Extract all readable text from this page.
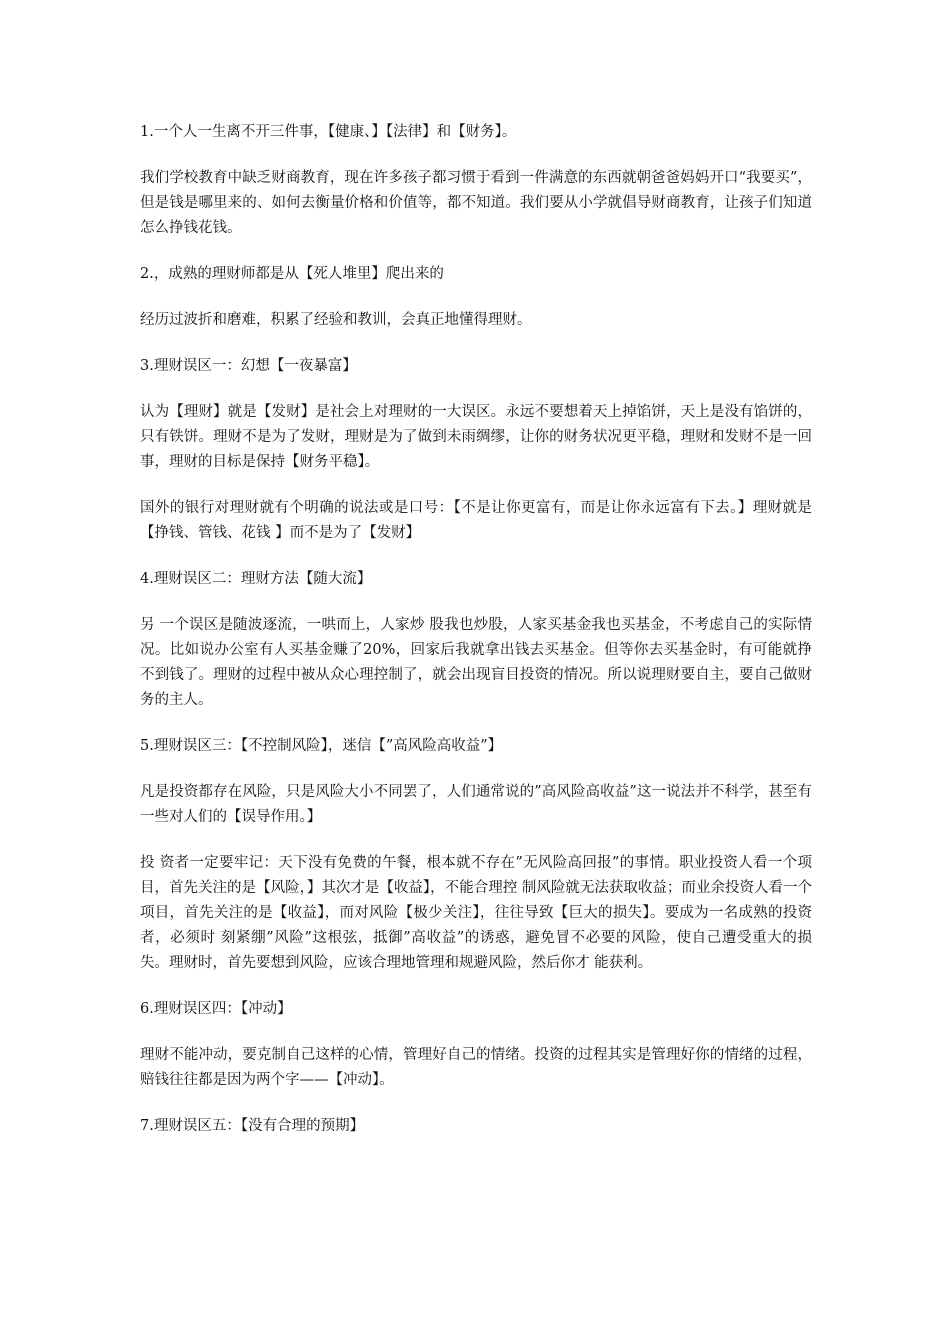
1.一个人一生离不开三件事，【健康、】【法律】和【财务】。

我们学校教育中缺乏财商教育，现在许多孩子都习惯于看到一件满意的东西就朝爸爸妈妈开口“我要买”，但是钱是哪里来的、如何去衡量价格和价值等，都不知道。我们要从小学就倡导财商教育，让孩子们知道怎么挣钱花钱。

2.，成熟的理财师都是从【死人堆里】爬出来的

经历过波折和磨难，积累了经验和教训，会真正地懂得理财。

3.理财误区一：幻想【一夜暴富】

认为【理财】就是【发财】是社会上对理财的一大误区。永远不要想着天上掉馅饼，天上是没有馅饼的，只有铁饼。理财不是为了发财，理财是为了做到未雨绸缪，让你的财务状况更平稳，理财和发财不是一回事，理财的目标是保持【财务平稳】。

国外的银行对理财就有个明确的说法或是口号：【不是让你更富有，而是让你永远富有下去。】理财就是【挣钱、管钱、花钱 】而不是为了【发财】

4.理财误区二：理财方法【随大流】

另 一个误区是随波逐流，一哄而上，人家炒 股我也炒股，人家买基金我也买基金，不考虑自己的实际情况。比如说办公室有人买基金赚了20%，回家后我就拿出钱去买基金。但等你去买基金时，有可能就挣 不到钱了。理财的过程中被从众心理控制了，就会出现盲目投资的情况。所以说理财要自主，要自己做财务的主人。

5.理财误区三：【不控制风险】，迷信【”高风险高收益”】

凡是投资都存在风险，只是风险大小不同罢了，人们通常说的”高风险高收益”这一说法并不科学，甚至有一些对人们的【误导作用。】

投 资者一定要牢记：天下没有免费的午餐，根本就不存在”无风险高回报”的事情。职业投资人看一个项目，首先关注的是【风险，】其次才是【收益】，不能合理控 制风险就无法获取收益；而业余投资人看一个项目，首先关注的是【收益】，而对风险【极少关注】，往往导致【巨大的损失】。要成为一名成熟的投资者，必须时 刻紧绷”风险”这根弦，抵御”高收益”的诱惑，避免冒不必要的风险，使自己遭受重大的损失。理财时，首先要想到风险，应该合理地管理和规避风险，然后你才 能获利。

6.理财误区四：【冲动】

理财不能冲动，要克制自己这样的心情，管理好自己的情绪。投资的过程其实是管理好你的情绪的过程，赔钱往往都是因为两个字——【冲动】。

7.理财误区五：【没有合理的预期】
